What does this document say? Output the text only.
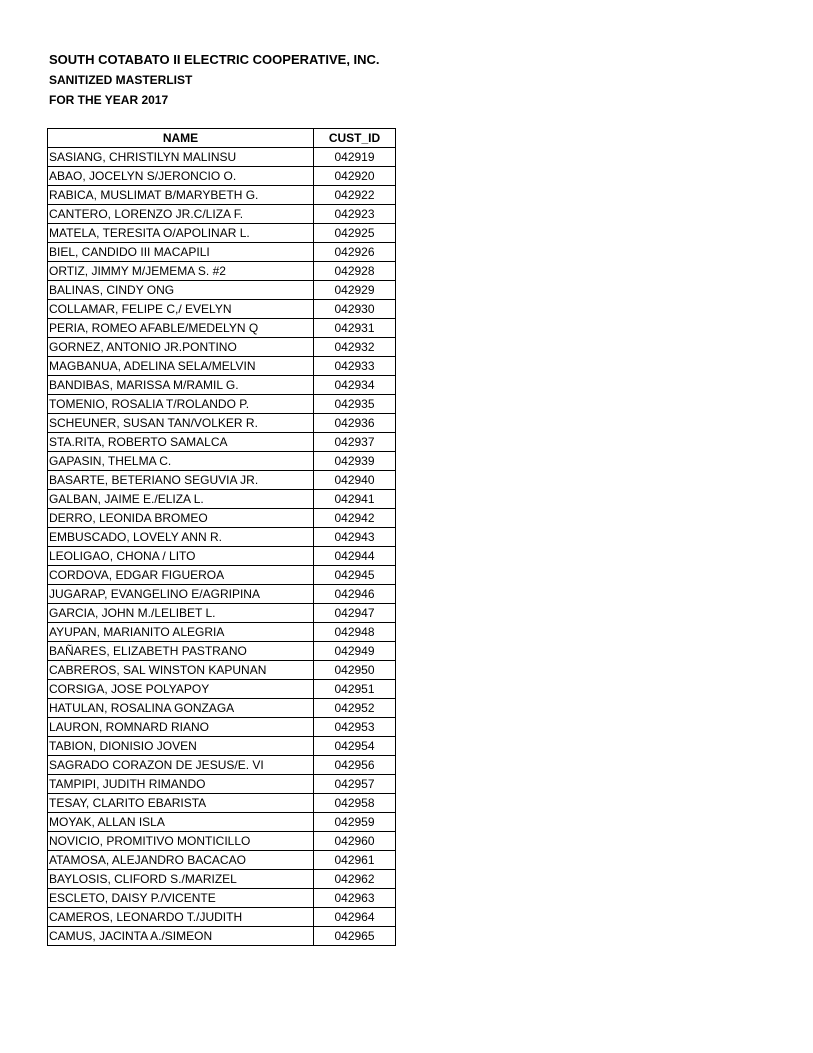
SOUTH COTABATO II ELECTRIC COOPERATIVE, INC.
SANITIZED MASTERLIST
FOR THE YEAR 2017
NAME	CUST_ID
SASIANG, CHRISTILYN MALINSU	042919
ABAO, JOCELYN S/JERONCIO O.	042920
RABICA, MUSLIMAT B/MARYBETH G.	042922
CANTERO, LORENZO JR.C/LIZA F.	042923
MATELA, TERESITA O/APOLINAR L.	042925
BIEL, CANDIDO III MACAPILI	042926
ORTIZ, JIMMY M/JEMEMA S. #2	042928
BALINAS, CINDY ONG	042929
COLLAMAR, FELIPE C,/ EVELYN	042930
PERIA, ROMEO AFABLE/MEDELYN Q	042931
GORNEZ, ANTONIO JR.PONTINO	042932
MAGBANUA, ADELINA SELA/MELVIN	042933
BANDIBAS, MARISSA M/RAMIL G.	042934
TOMENIO, ROSALIA T/ROLANDO P.	042935
SCHEUNER, SUSAN TAN/VOLKER R.	042936
STA.RITA, ROBERTO SAMALCA	042937
GAPASIN, THELMA C.	042939
BASARTE, BETERIANO SEGUVIA JR.	042940
GALBAN, JAIME E./ELIZA L.	042941
DERRO, LEONIDA BROMEO	042942
EMBUSCADO, LOVELY ANN R.	042943
LEOLIGAO, CHONA / LITO	042944
CORDOVA, EDGAR FIGUEROA	042945
JUGARAP, EVANGELINO E/AGRIPINA	042946
GARCIA, JOHN M./LELIBET L.	042947
AYUPAN, MARIANITO ALEGRIA	042948
BAÑARES, ELIZABETH PASTRANO	042949
CABREROS, SAL WINSTON KAPUNAN	042950
CORSIGA, JOSE POLYAPOY	042951
HATULAN, ROSALINA GONZAGA	042952
LAURON, ROMNARD RIANO	042953
TABION, DIONISIO JOVEN	042954
SAGRADO CORAZON DE JESUS/E. VI	042956
TAMPIPI, JUDITH RIMANDO	042957
TESAY, CLARITO EBARISTA	042958
MOYAK, ALLAN ISLA	042959
NOVICIO, PROMITIVO MONTICILLO	042960
ATAMOSA, ALEJANDRO BACACAO	042961
BAYLOSIS, CLIFORD S./MARIZEL	042962
ESCLETO, DAISY P./VICENTE	042963
CAMEROS, LEONARDO T./JUDITH	042964
CAMUS, JACINTA A./SIMEON	042965
